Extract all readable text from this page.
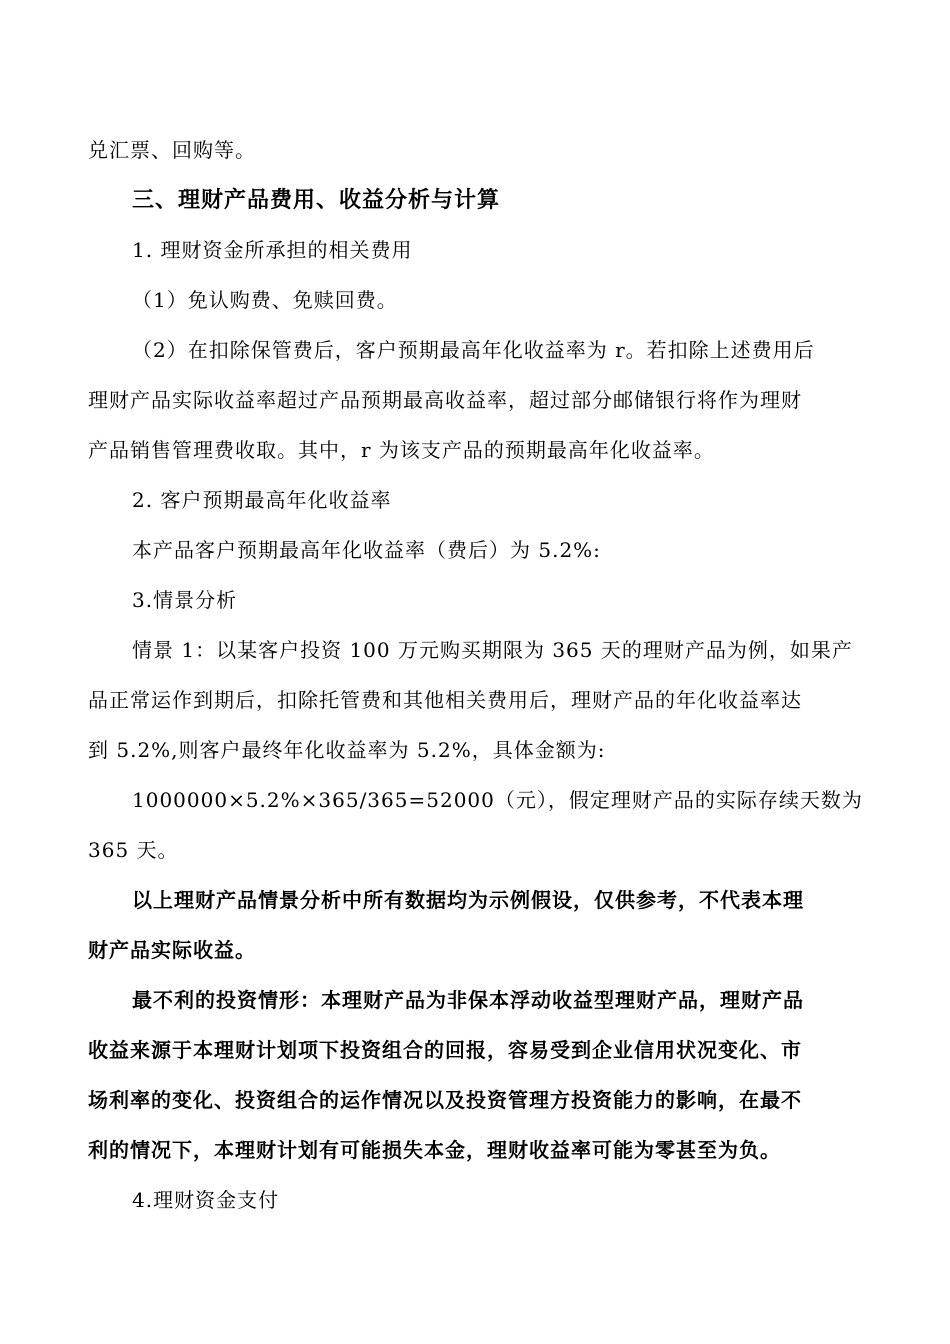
兑汇票、回购等。
三、理财产品费用、收益分析与计算
1. 理财资金所承担的相关费用
（1）免认购费、免赎回费。
（2）在扣除保管费后，客户预期最高年化收益率为 r。若扣除上述费用后
理财产品实际收益率超过产品预期最高收益率，超过部分邮储银行将作为理财
产品销售管理费收取。其中，r 为该支产品的预期最高年化收益率。
2. 客户预期最高年化收益率
本产品客户预期最高年化收益率（费后）为 5.2%:
3.情景分析
情景 1：以某客户投资 100 万元购买期限为 365 天的理财产品为例，如果产
品正常运作到期后，扣除托管费和其他相关费用后，理财产品的年化收益率达
到 5.2%,则客户最终年化收益率为 5.2%，具体金额为:
1000000×5.2%×365/365=52000（元），假定理财产品的实际存续天数为
365 天。
以上理财产品情景分析中所有数据均为示例假设，仅供参考，不代表本理
财产品实际收益。
最不利的投资情形：本理财产品为非保本浮动收益型理财产品，理财产品
收益来源于本理财计划项下投资组合的回报，容易受到企业信用状况变化、市
场利率的变化、投资组合的运作情况以及投资管理方投资能力的影响，在最不
利的情况下，本理财计划有可能损失本金，理财收益率可能为零甚至为负。
4.理财资金支付
